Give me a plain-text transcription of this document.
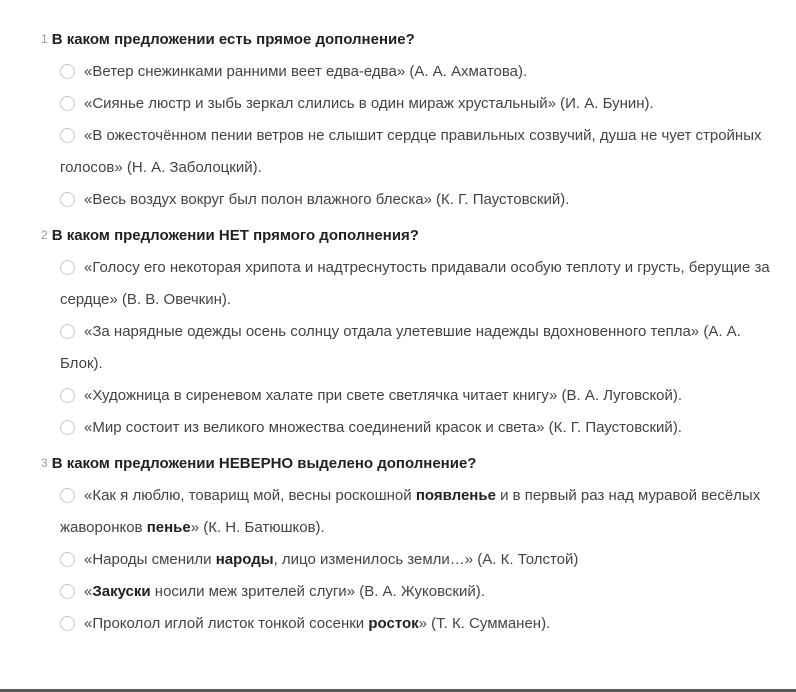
1 В каком предложении есть прямое дополнение?
«Ветер снежинками ранними веет едва-едва» (А. А. Ахматова).
«Сиянье люстр и зыбь зеркал слились в один мираж хрустальный» (И. А. Бунин).
«В ожесточённом пении ветров не слышит сердце правильных созвучий, душа не чует стройных голосов» (Н. А. Заболоцкий).
«Весь воздух вокруг был полон влажного блеска» (К. Г. Паустовский).
2 В каком предложении НЕТ прямого дополнения?
«Голосу его некоторая хрипота и надтреснутость придавали особую теплоту и грусть, берущие за сердце» (В. В. Овечкин).
«За нарядные одежды осень солнцу отдала улетевшие надежды вдохновенного тепла» (А. А. Блок).
«Художница в сиреневом халате при свете светлячка читает книгу» (В. А. Луговской).
«Мир состоит из великого множества соединений красок и света» (К. Г. Паустовский).
3 В каком предложении НЕВЕРНО выделено дополнение?
«Как я люблю, товарищ мой, весны роскошной появленье и в первый раз над муравой весёлых жаворонков пенье» (К. Н. Батюшков).
«Народы сменили народы, лицо изменилось земли…» (А. К. Толстой)
«Закуски носили меж зрителей слуги» (В. А. Жуковский).
«Проколол иглой листок тонкой сосенки росток» (Т. К. Сумманен).
